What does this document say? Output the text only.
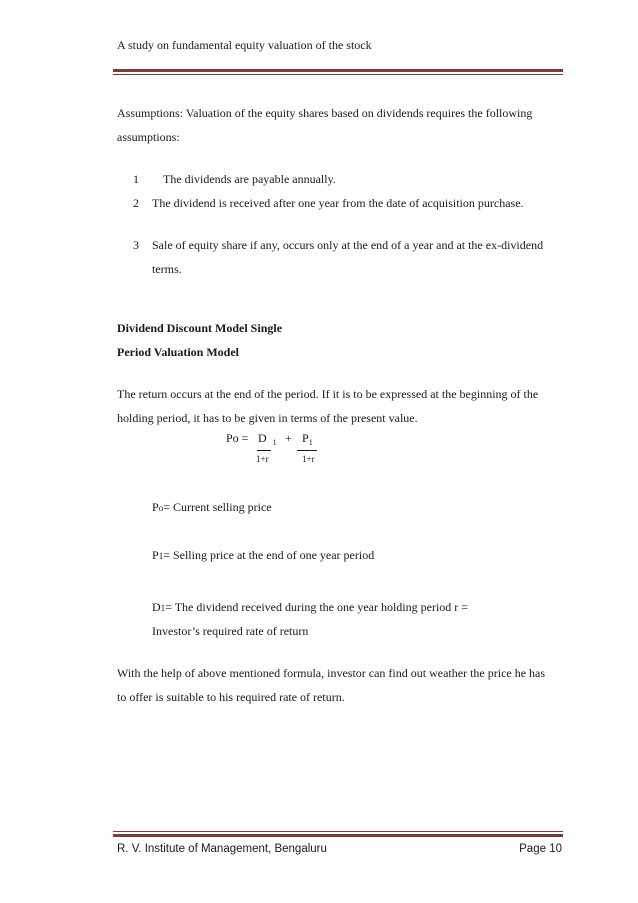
A study on fundamental equity valuation of the stock
Assumptions: Valuation of the equity shares based on dividends requires the following
assumptions:
1 The dividends are payable annually.
2 The dividend is received after one year from the date of acquisition purchase.
3 Sale of equity share if any, occurs only at the end of a year and at the ex-dividend
terms.
Dividend Discount Model Single
Period Valuation Model
The return occurs at the end of the period. If it is to be expressed at the beginning of the
holding period, it has to be given in terms of the present value.
Po = D $_1 + P_1$
1+r	1+r
Po= Current selling price
P1= Selling price at the end of one year period
D1= The dividend received during the one year holding period r =
Investor’s required rate of return
With the help of above mentioned formula, investor can find out weather the price he has
to offer is suitable to his required rate of return.
R. V. Institute of Management, Bengaluru	Page 10
